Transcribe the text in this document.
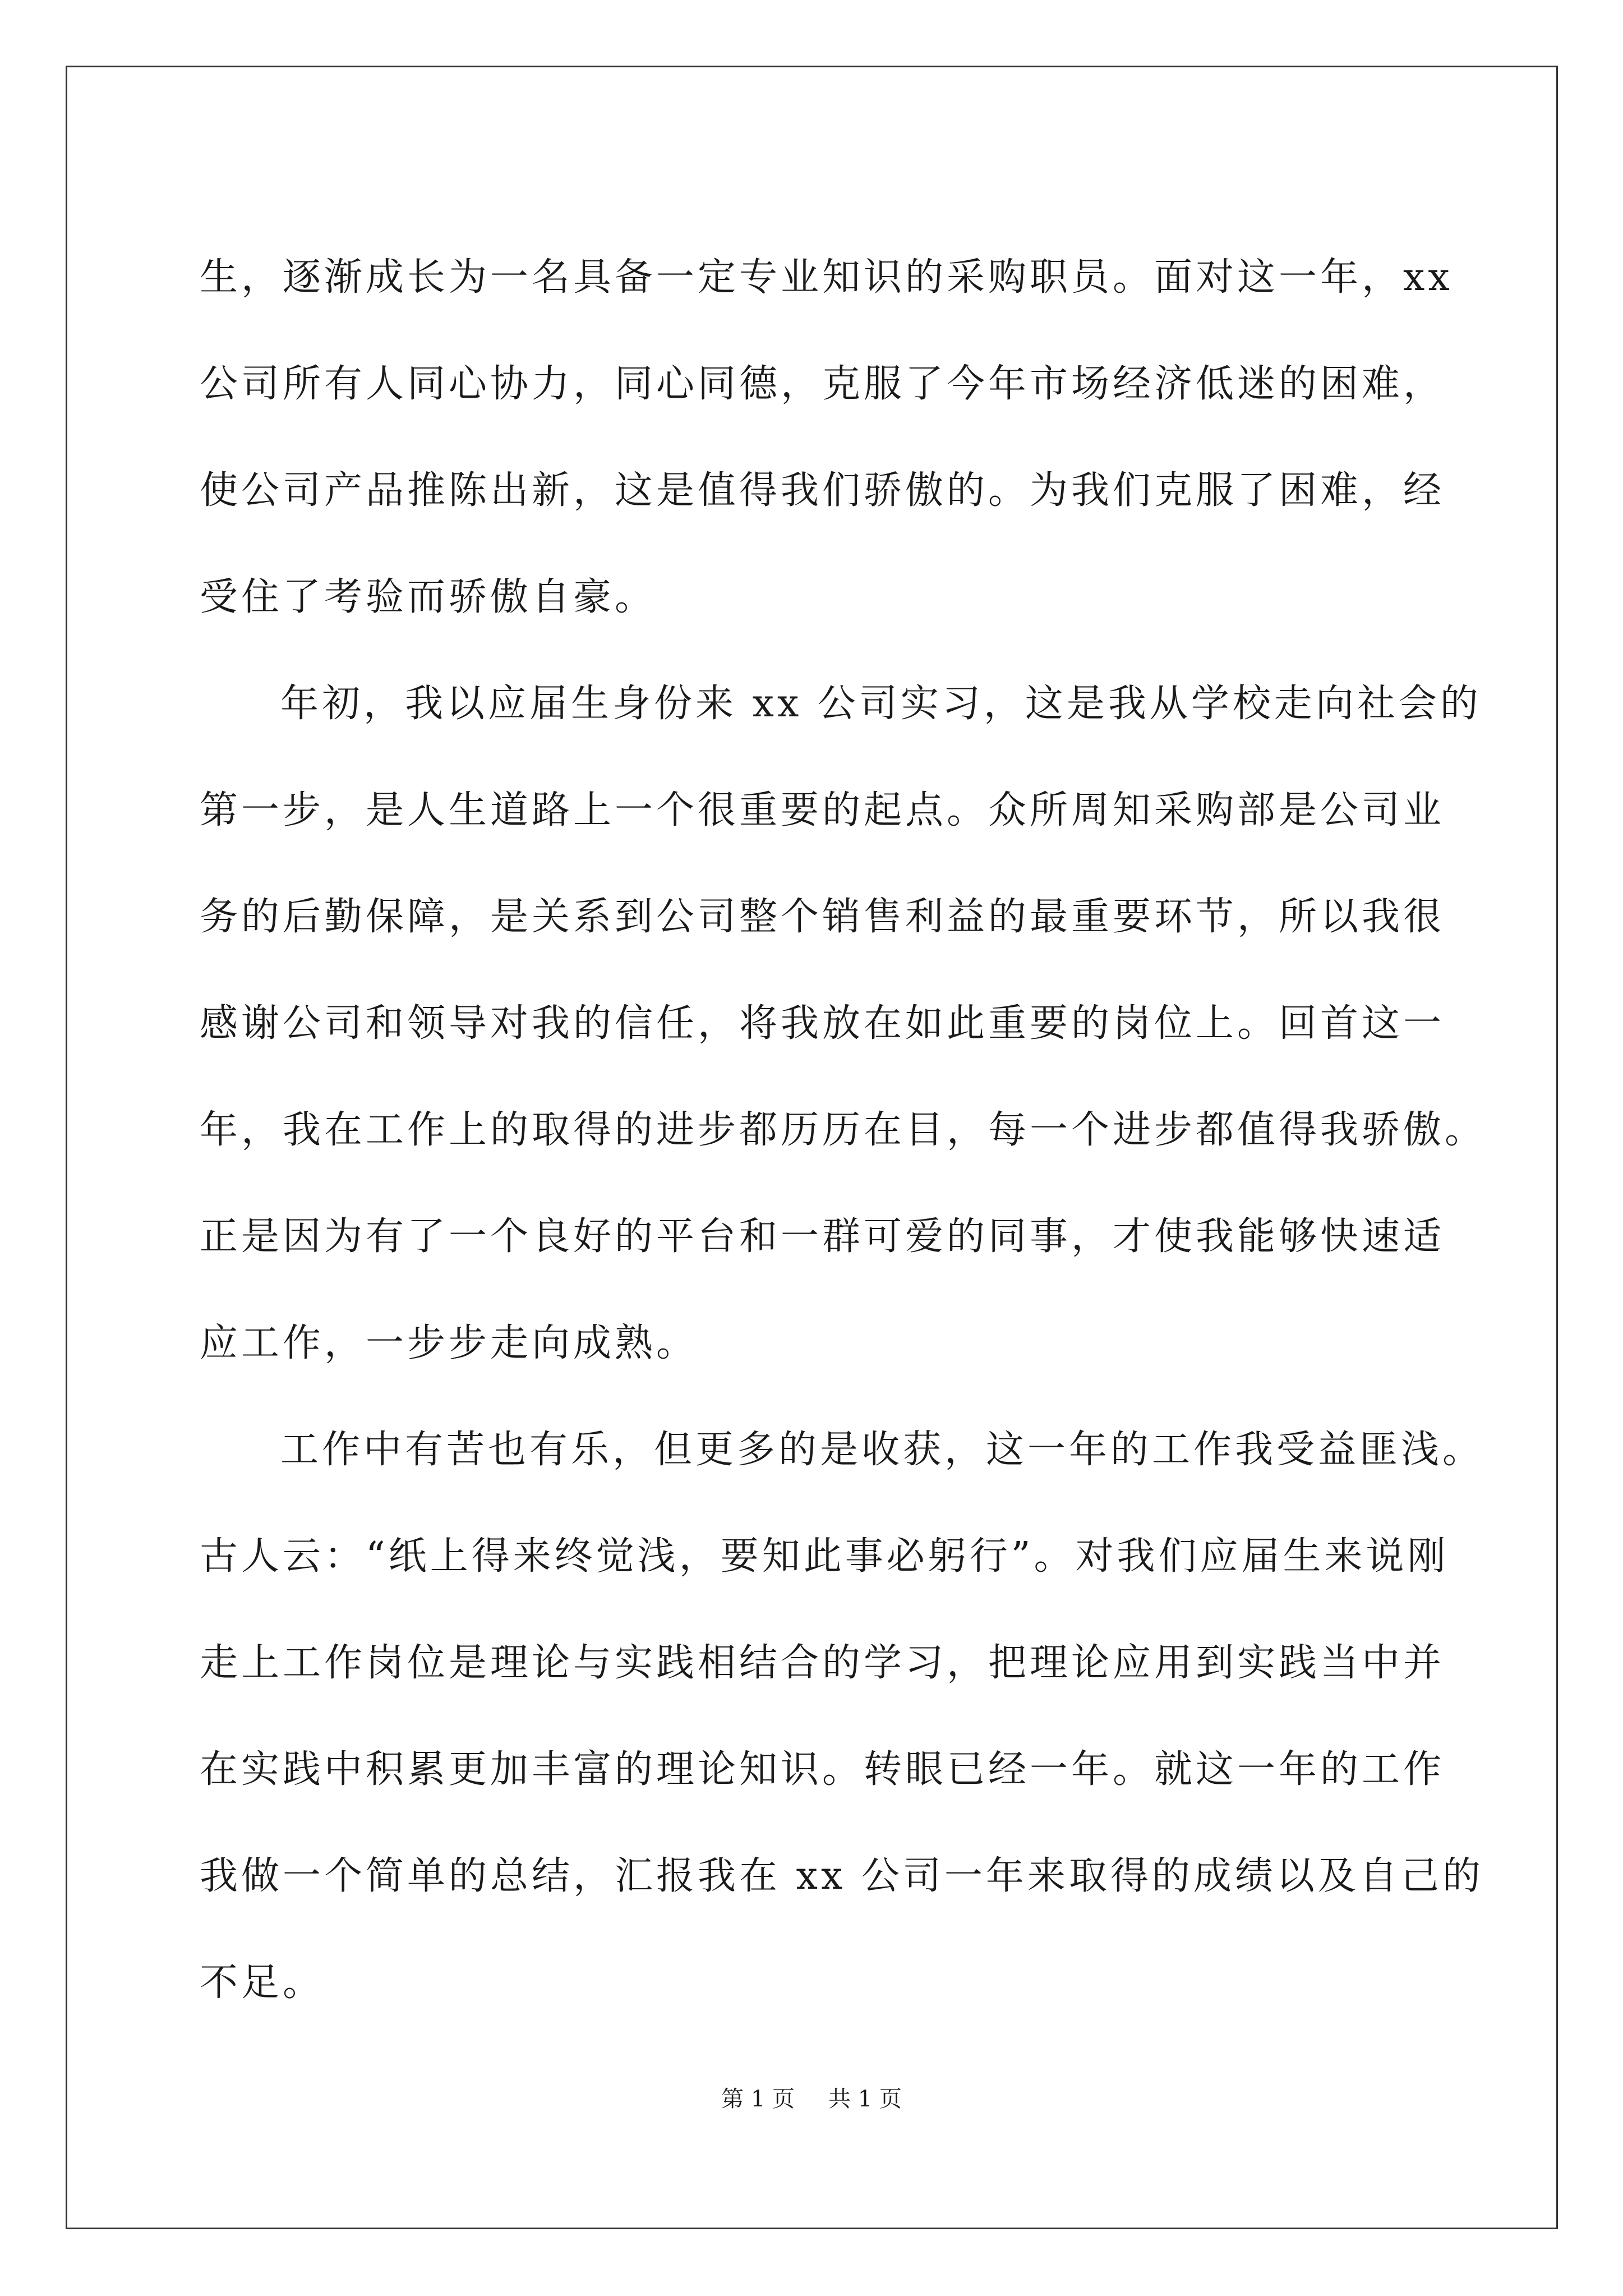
生，逐渐成长为一名具备一定专业知识的采购职员。面对这一年，xx
公司所有人同心协力，同心同德，克服了今年市场经济低迷的困难，
使公司产品推陈出新，这是值得我们骄傲的。为我们克服了困难，经
受住了考验而骄傲自豪。
年初，我以应届生身份来 xx 公司实习，这是我从学校走向社会的
第一步，是人生道路上一个很重要的起点。众所周知采购部是公司业
务的后勤保障，是关系到公司整个销售利益的最重要环节，所以我很
感谢公司和领导对我的信任，将我放在如此重要的岗位上。回首这一
年，我在工作上的取得的进步都历历在目，每一个进步都值得我骄傲。
正是因为有了一个良好的平台和一群可爱的同事，才使我能够快速适
应工作，一步步走向成熟。
工作中有苦也有乐，但更多的是收获，这一年的工作我受益匪浅。
古人云：“纸上得来终觉浅，要知此事必躬行”。对我们应届生来说刚
走上工作岗位是理论与实践相结合的学习，把理论应用到实践当中并
在实践中积累更加丰富的理论知识。转眼已经一年。就这一年的工作
我做一个简单的总结，汇报我在 xx 公司一年来取得的成绩以及自己的
不足。
第 1 页 共 1 页
